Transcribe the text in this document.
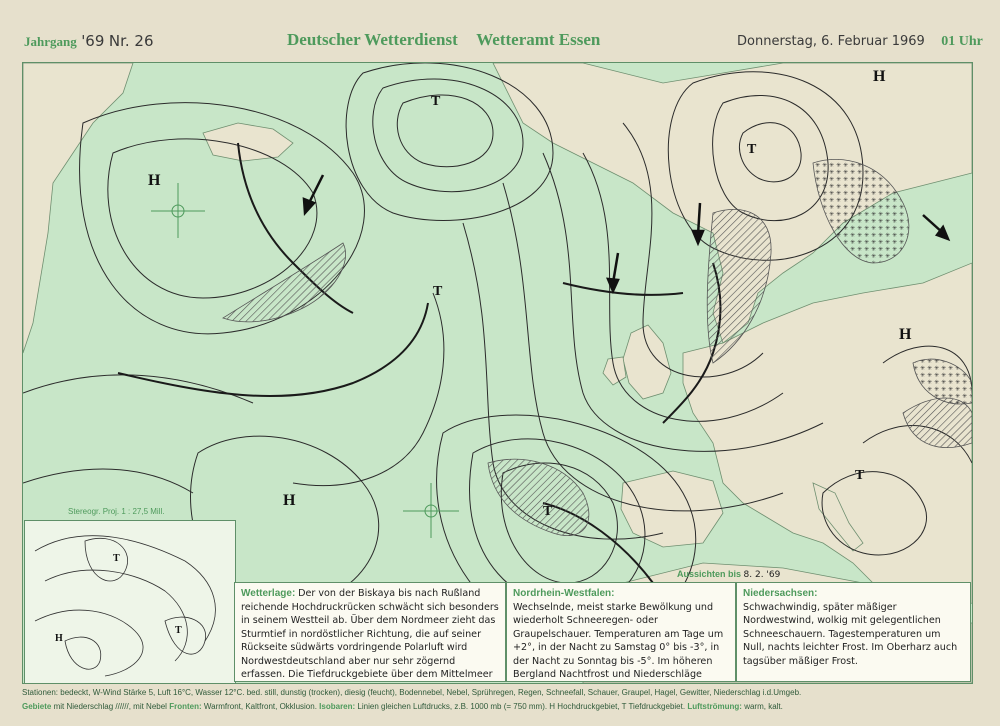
Jahrgang '69 Nr. 26	Deutscher Wetterdienst Wetteramt Essen	Donnerstag, 6. Februar 1969 01 Uhr
H
T
T
T
H
T
H
T
H
Stereogr. Proj. 1 : 27,5 Mill.
Aussichten bis 8. 2. '69
H
T
T
Wetterlage: Der von der Biskaya bis nach Rußland reichende Hochdruckrücken schwächt sich besonders in seinem Westteil ab. Über dem Nordmeer zieht das Sturmtief in nordöstlicher Richtung, die auf seiner Rückseite südwärts vordringende Polarluft wird Nordwestdeutschland aber nur sehr zögernd erfassen. Die Tiefdruckgebiete über dem Mittelmeer
Nordrhein-Westfalen:
Wechselnde, meist starke Bewölkung und wiederholt Schneeregen- oder Graupelschauer. Temperaturen am Tage um +2°, in der Nacht zu Samstag 0° bis -3°, in der Nacht zu Sonntag bis -5°. Im höheren Bergland Nachtfrost und Niederschläge
Niedersachsen:
Schwachwindig, später mäßiger Nordwestwind, wolkig mit gelegentlichen Schneeschauern. Tagestemperaturen um Null, nachts leichter Frost. Im Oberharz auch tagsüber mäßiger Frost.
Stationen: bedeckt, W-Wind Stärke 5, Luft 16°C, Wasser 12°C. bed. still, dunstig (trocken), diesig (feucht), Bodennebel, Nebel, Sprühregen, Regen, Schneefall, Schauer, Graupel, Hagel, Gewitter, Niederschlag i.d.Umgeb.
Gebiete mit Niederschlag //////, mit Nebel Fronten: Warmfront, Kaltfront, Okklusion. Isobaren: Linien gleichen Luftdrucks, z.B. 1000 mb (= 750 mm). H Hochdruckgebiet, T Tiefdruckgebiet. Luftströmung: warm, kalt.
